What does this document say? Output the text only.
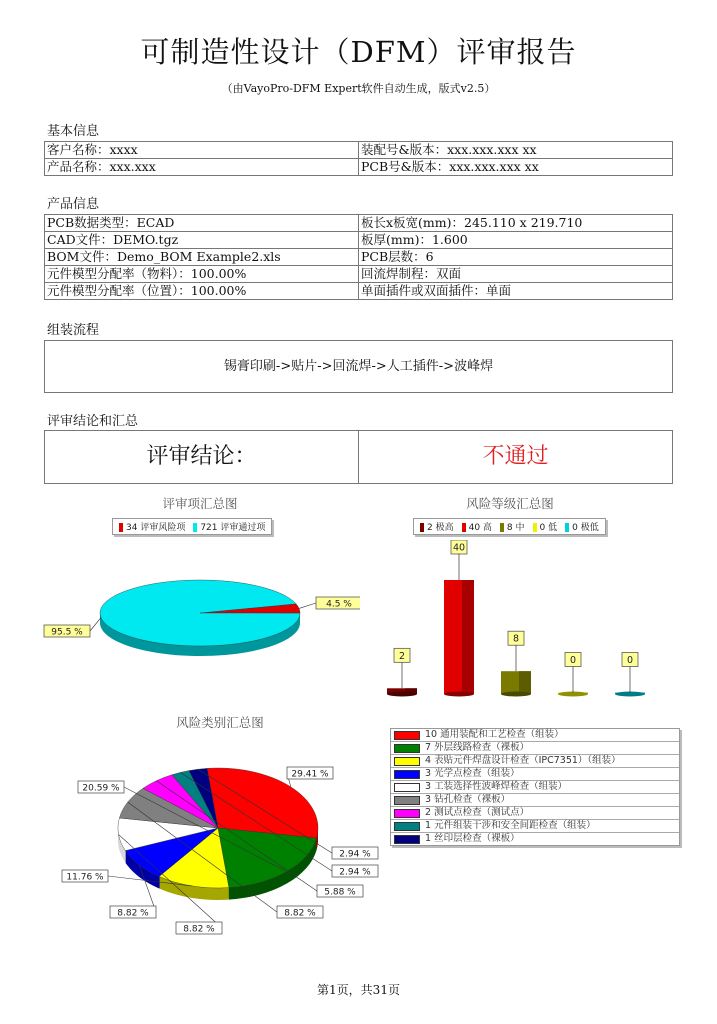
可制造性设计（DFM）评审报告
（由VayoPro-DFM Expert软件自动生成，版式v2.5）
基本信息
客户名称：xxxx	装配号&版本：xxx.xxx.xxx xx
产品名称：xxx.xxx	PCB号&版本：xxx.xxx.xxx xx
产品信息
PCB数据类型：ECAD	板长x板宽(mm)：245.110 x 219.710
CAD文件：DEMO.tgz	板厚(mm)：1.600
BOM文件：Demo_BOM Example2.xls	PCB层数：6
元件模型分配率（物料）：100.00%	回流焊制程：双面
元件模型分配率（位置）：100.00%	单面插件或双面插件：单面
组装流程
锡膏印刷->贴片->回流焊->人工插件->波峰焊
评审结论和汇总
评审结论：	不通过
评审项汇总图
34 评审风险项	721 评审通过项
4.5 %
95.5 %
风险等级汇总图
2 极高	40 高	8 中	0 低	0 极低
2
40
8
0	0
风险类别汇总图
29.41 %
20.59 %
11.76 %
8.82 %
8.82 %
8.82 %
5.88 %
2.94 %
2.94 %
10 通用装配和工艺检查（组装）
7 外层线路检查（裸板）
4 表贴元件焊盘设计检查（IPC7351）（组装）
3 光学点检查（组装）
3 工装选择性波峰焊检查（组装）
3 钻孔检查（裸板）
2 测试点检查（测试点）
1 元件组装干涉和安全间距检查（组装）
1 丝印层检查（裸板）
第1页，共31页
